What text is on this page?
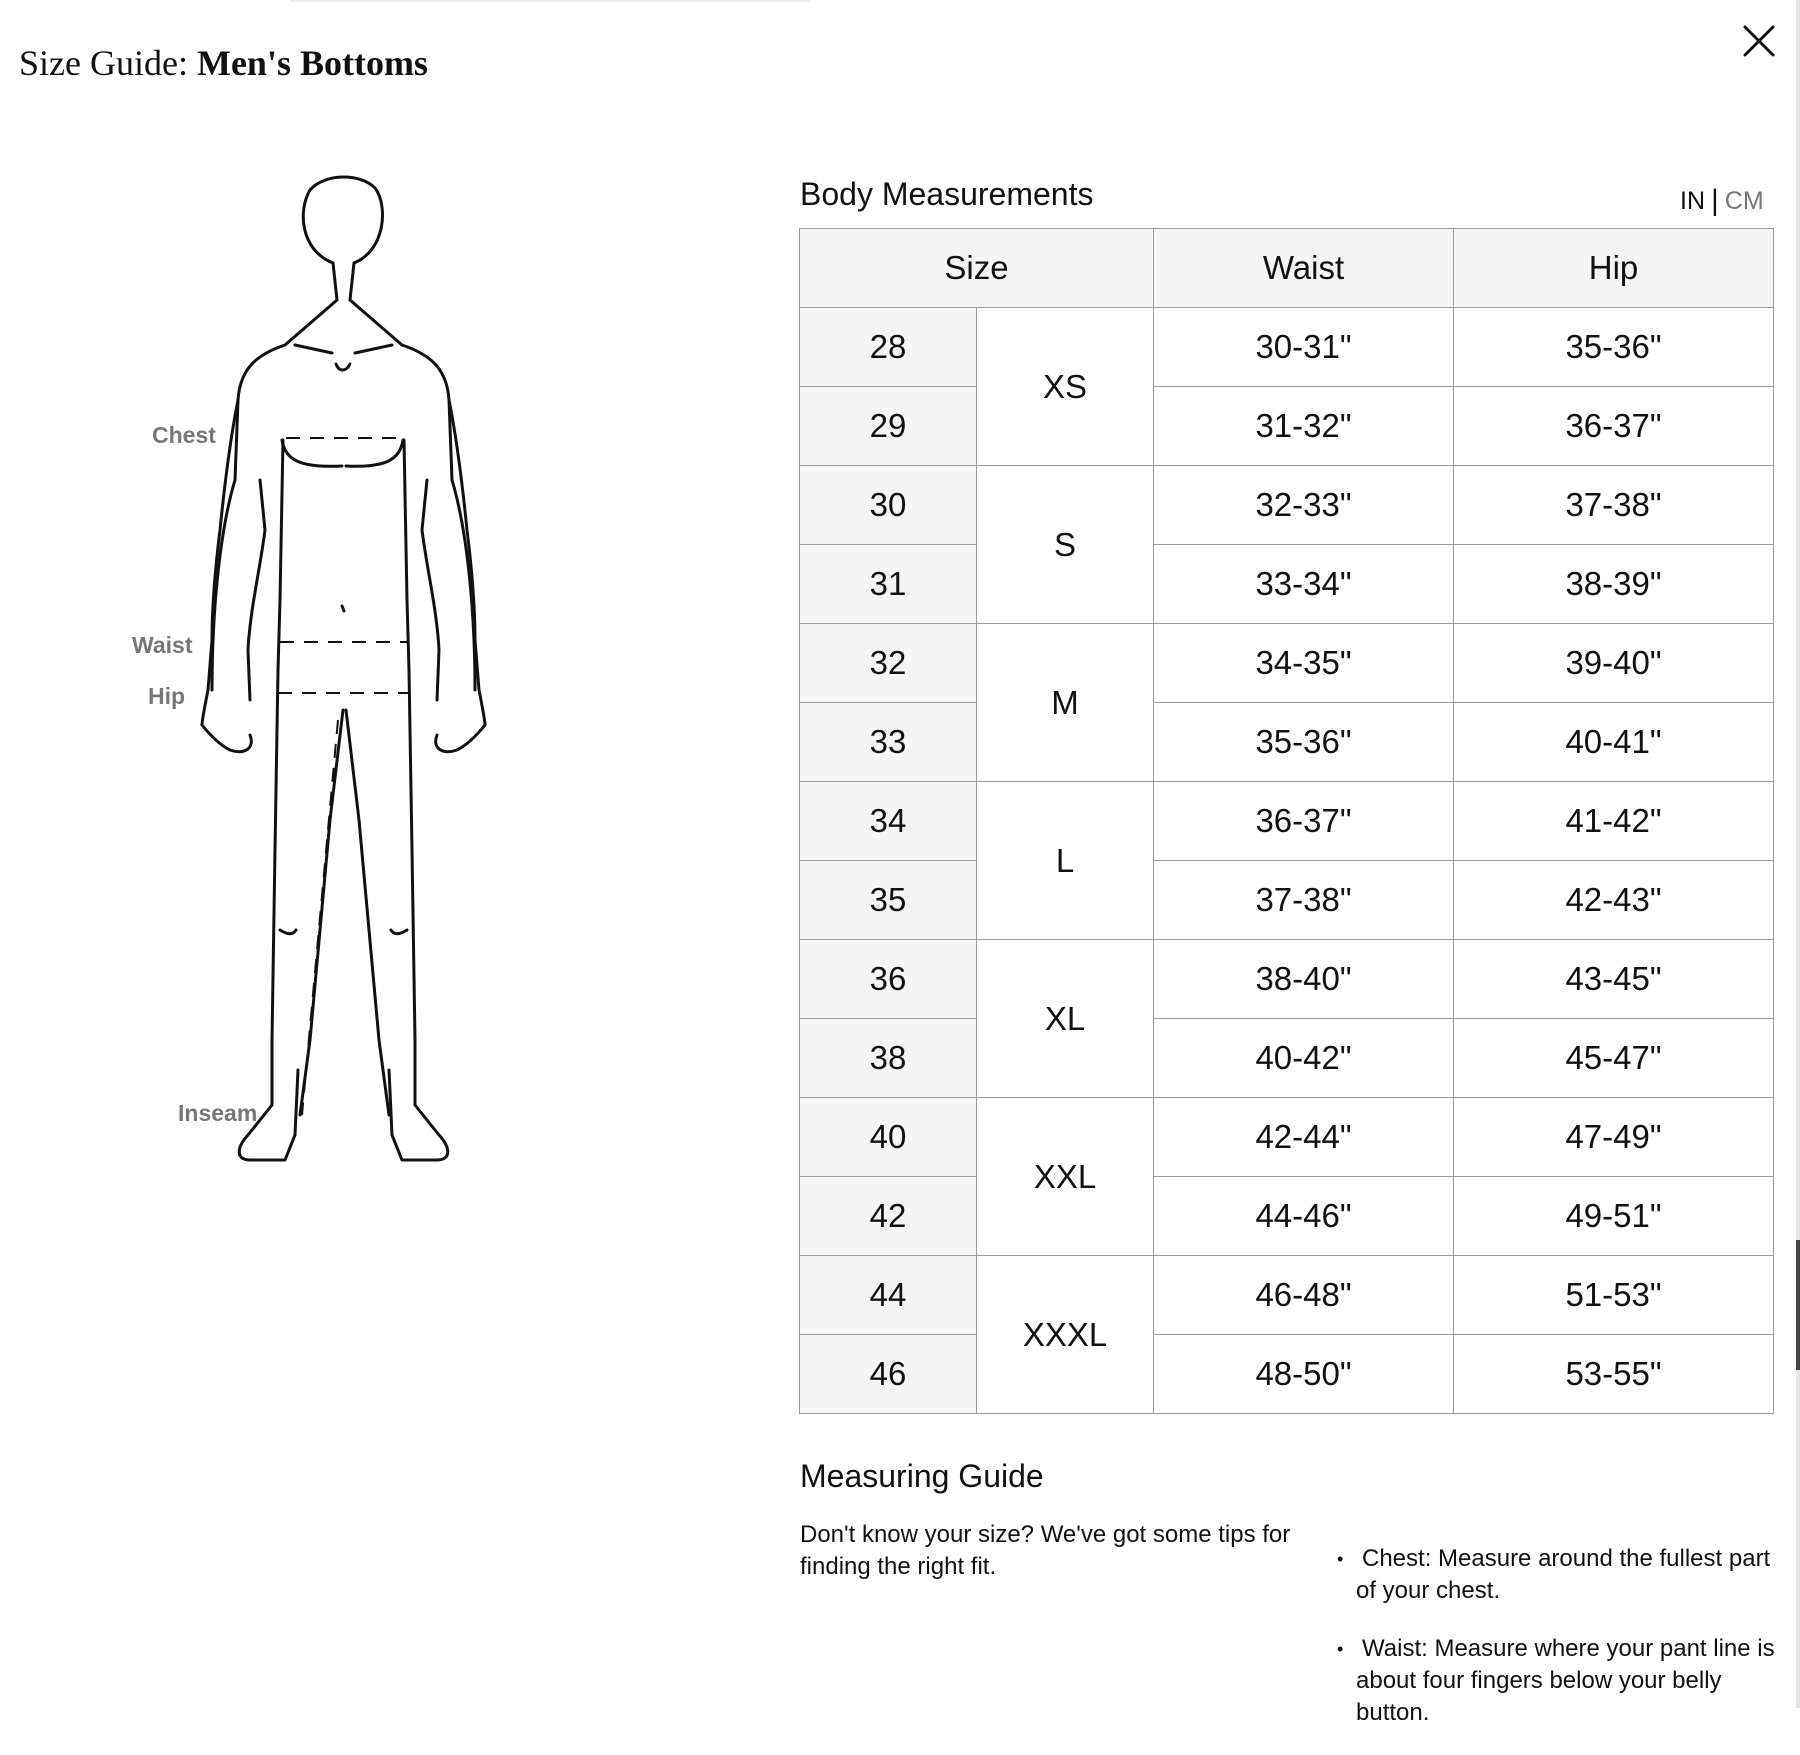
Size Guide: Men's Bottoms
Chest
Waist
Hip
Inseam
Body Measurements	IN | CM
Size		Waist	Hip
28	XS	30-31"	35-36"
29		31-32"	36-37"
30	S	32-33"	37-38"
31		33-34"	38-39"
32	M	34-35"	39-40"
33		35-36"	40-41"
34	L	36-37"	41-42"
35		37-38"	42-43"
36	XL	38-40"	43-45"
38		40-42"	45-47"
40	XXL	42-44"	47-49"
42		44-46"	49-51"
44	XXXL	46-48"	51-53"
46		48-50"	53-55"
Measuring Guide
Don't know your size? We've got some tips for finding the right fit.	• Chest: Measure around the fullest part of your chest.
• Waist: Measure where your pant line is about four fingers below your belly button.
